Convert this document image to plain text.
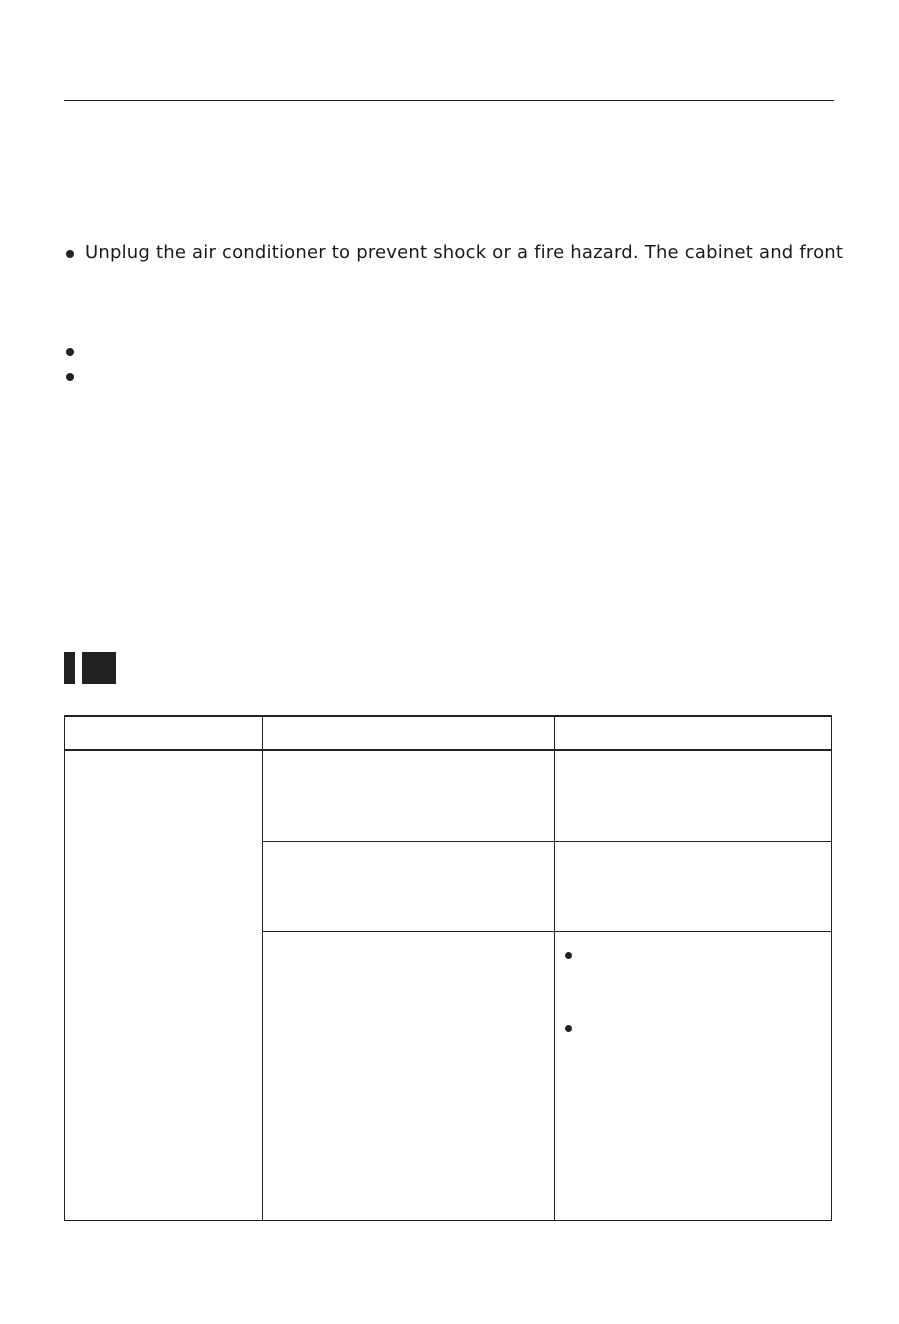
Unplug the air conditioner to prevent shock or a fire hazard. The cabinet and front
